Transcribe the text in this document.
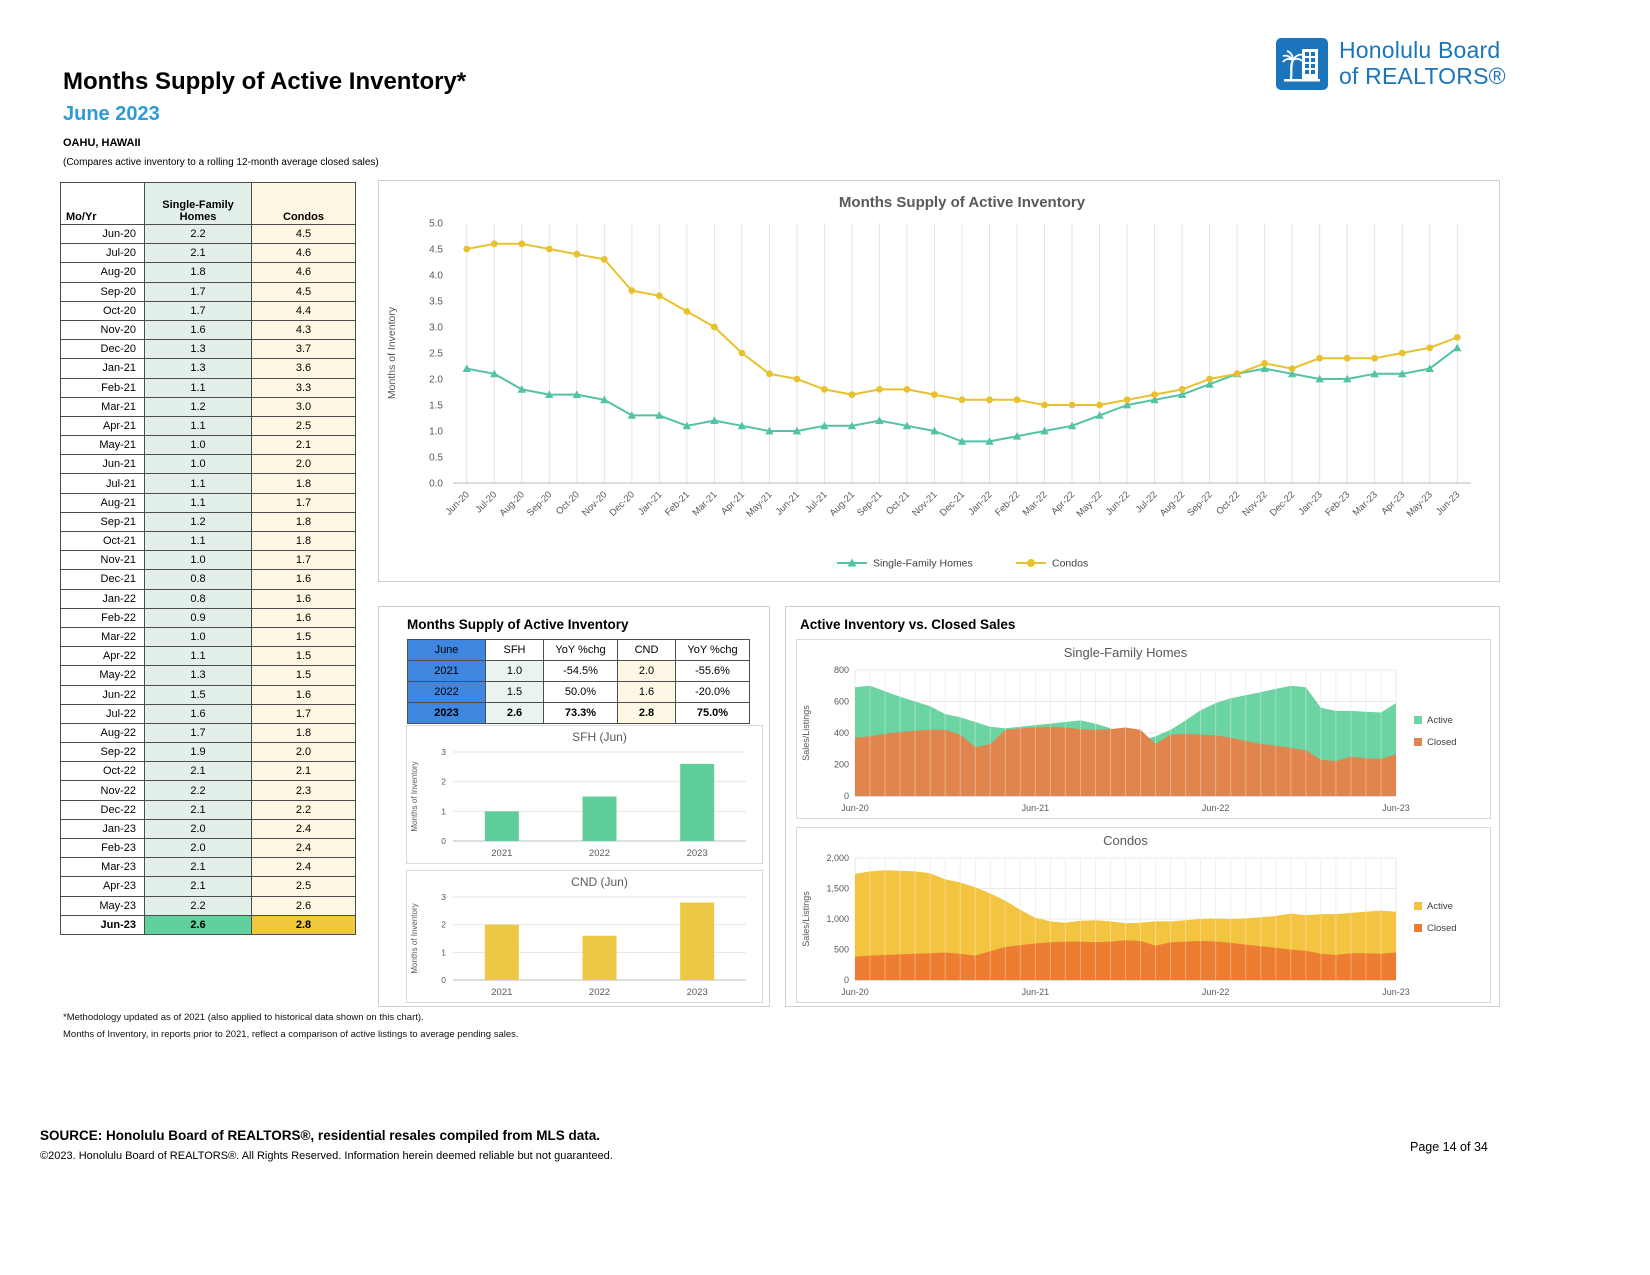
Months Supply of Active Inventory*
June 2023
OAHU, HAWAII
(Compares active inventory to a rolling 12-month average closed sales)
Honolulu Board
of REALTORS®
Mo/Yr	Single-Family Homes	Condos
Jun-20	2.2	4.5
Jul-20	2.1	4.6
Aug-20	1.8	4.6
Sep-20	1.7	4.5
Oct-20	1.7	4.4
Nov-20	1.6	4.3
Dec-20	1.3	3.7
Jan-21	1.3	3.6
Feb-21	1.1	3.3
Mar-21	1.2	3.0
Apr-21	1.1	2.5
May-21	1.0	2.1
Jun-21	1.0	2.0
Jul-21	1.1	1.8
Aug-21	1.1	1.7
Sep-21	1.2	1.8
Oct-21	1.1	1.8
Nov-21	1.0	1.7
Dec-21	0.8	1.6
Jan-22	0.8	1.6
Feb-22	0.9	1.6
Mar-22	1.0	1.5
Apr-22	1.1	1.5
May-22	1.3	1.5
Jun-22	1.5	1.6
Jul-22	1.6	1.7
Aug-22	1.7	1.8
Sep-22	1.9	2.0
Oct-22	2.1	2.1
Nov-22	2.2	2.3
Dec-22	2.1	2.2
Jan-23	2.0	2.4
Feb-23	2.0	2.4
Mar-23	2.1	2.4
Apr-23	2.1	2.5
May-23	2.2	2.6
Jun-23	2.6	2.8
0.0
0.5
1.0
1.5
2.0
2.5
3.0
3.5
4.0
4.5
5.0
Jun-20 Jul-20
Aug-20
Sep-20 Oct-20
Nov-20
Dec-20 Jan-21
Feb-21
Mar-21 Apr-21
May-21 Jun-21 Jul-21
Aug-21
Sep-21 Oct-21
Nov-21
Dec-21 Jan-22
Feb-22
Mar-22 Apr-22
May-22 Jun-22 Jul-22
Aug-22
Sep-22 Oct-22
Nov-22
Dec-22 Jan-23
Feb-23
Mar-23 Apr-23
May-23 Jun-23
Months Supply of Active Inventory
Months of Inventory
Single-Family Homes	Condos
Months Supply of Active Inventory
June	SFH	YoY %chg	CND	YoY %chg
2021	1.0	-54.5%	2.0	-55.6%
2022	1.5	50.0%	1.6	-20.0%
2023	2.6	73.3%	2.8	75.0%
0
1
2
3
2021	2022	2023
SFH (Jun)
Months of Inventory
0
1
2
3
2021	2022	2023
CND (Jun)
Months of Inventory
Active Inventory vs. Closed Sales
0
200
400
600
800
Jun-20	Jun-21	Jun-22	Jun-23
Single-Family Homes
Sales/Listings	Active
Closed
0
500
1,000
1,500
2,000
Jun-20	Jun-21	Jun-22	Jun-23
Condos
Sales/Listings	Active
Closed
*Methodology updated as of 2021 (also applied to historical data shown on this chart).
Months of Inventory, in reports prior to 2021, reflect a comparison of active listings to average pending sales.
SOURCE: Honolulu Board of REALTORS®, residential resales compiled from MLS data.
©2023. Honolulu Board of REALTORS®. All Rights Reserved. Information herein deemed reliable but not guaranteed.
Page 14 of 34
